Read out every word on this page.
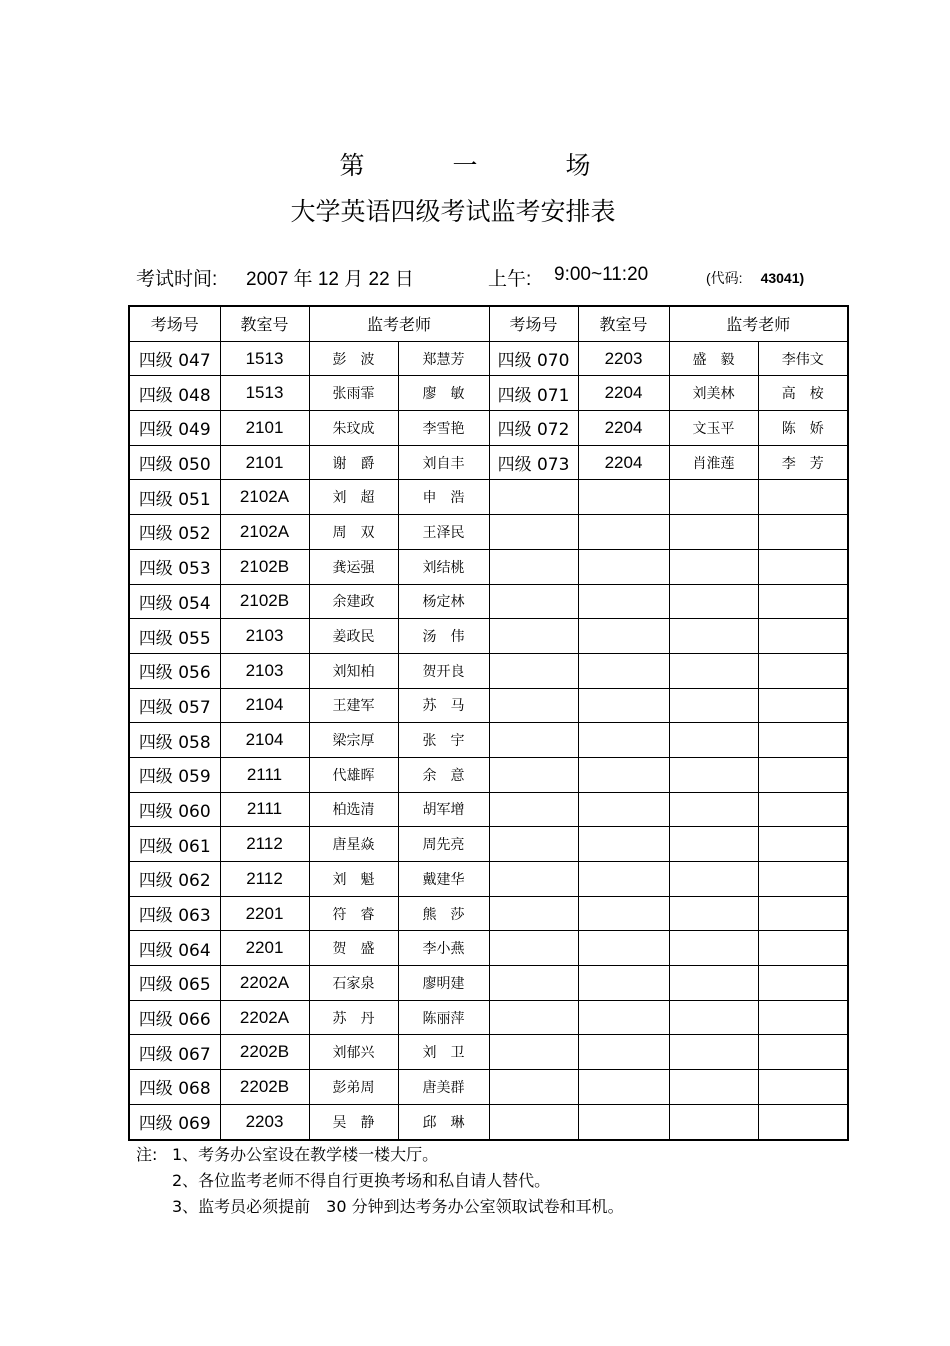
第 一 场
大学英语四级考试监考安排表
考试时间: 2007 年 12 月 22 日	上午: 9:00~11:20	(代码: 43041)
考场号	教室号	监考老师		考场号	教室号	监考老师	
四级 047	1513	彭　波	郑慧芳	四级 070	2203	盛　毅	李伟文
四级 048	1513	张雨霏	廖　敏	四级 071	2204	刘美林	高　桉
四级 049	2101	朱玟成	李雪艳	四级 072	2204	文玉平	陈　娇
四级 050	2101	谢　爵	刘自丰	四级 073	2204	肖淮莲	李　芳
四级 051	2102A	刘　超	申　浩				
四级 052	2102A	周　双	王泽民				
四级 053	2102B	龚运强	刘结桃				
四级 054	2102B	余建政	杨定林				
四级 055	2103	姜政民	汤　伟				
四级 056	2103	刘知柏	贺开良				
四级 057	2104	王建军	苏　马				
四级 058	2104	梁宗厚	张　宇				
四级 059	2111	代雄晖	余　意				
四级 060	2111	柏选清	胡军增				
四级 061	2112	唐星焱	周先亮				
四级 062	2112	刘　魁	戴建华				
四级 063	2201	符　睿	熊　莎				
四级 064	2201	贺　盛	李小燕				
四级 065	2202A	石家泉	廖明建				
四级 066	2202A	苏　丹	陈丽萍				
四级 067	2202B	刘郁兴	刘　卫				
四级 068	2202B	彭弟周	唐美群				
四级 069	2203	吴　静	邱　琳				
注: 1、考务办公室设在教学楼一楼大厅。
2、各位监考老师不得自行更换考场和私自请人替代。
3、监考员必须提前　30 分钟到达考务办公室领取试卷和耳机。
